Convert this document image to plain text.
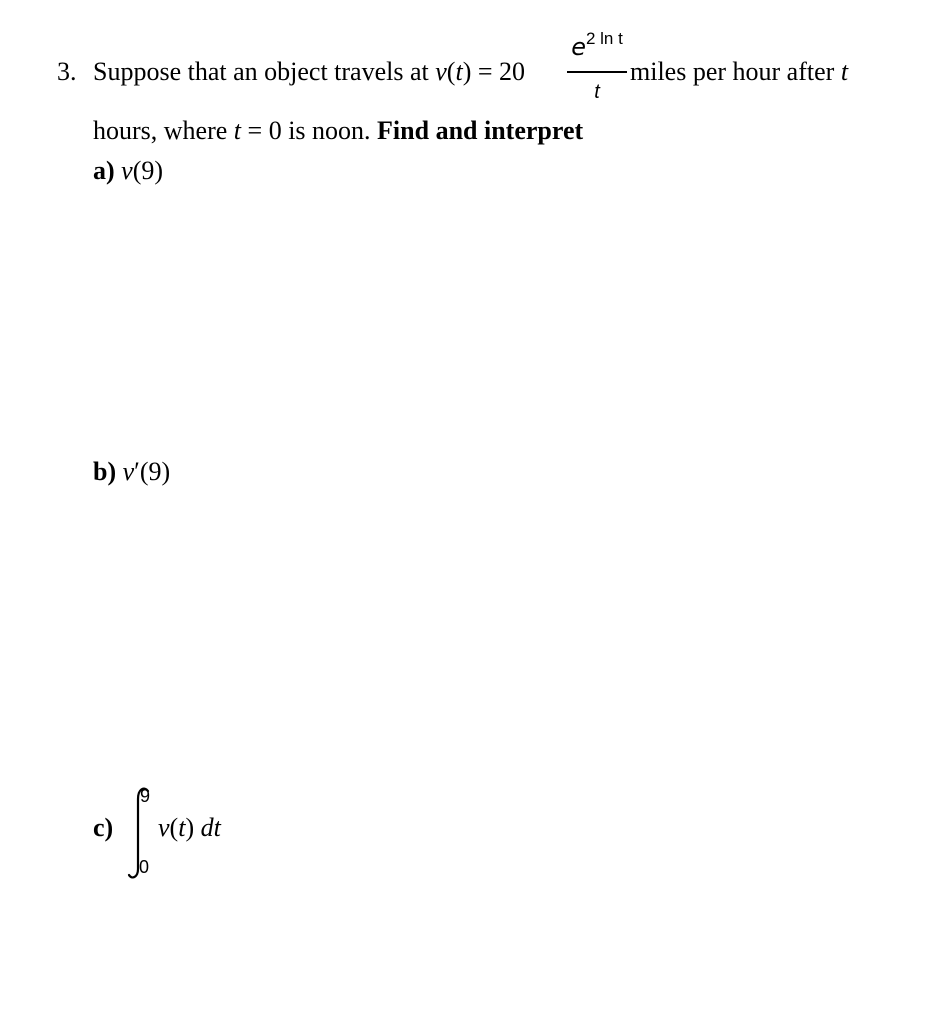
3. Suppose that an object travels at v(t) = 20
$e^{2 ln t}$
t
miles per hour after t
hours, where t = 0 is noon. Find and interpret
a) v(9)
b) v′(9)
c)
9
0
v(t) dt
